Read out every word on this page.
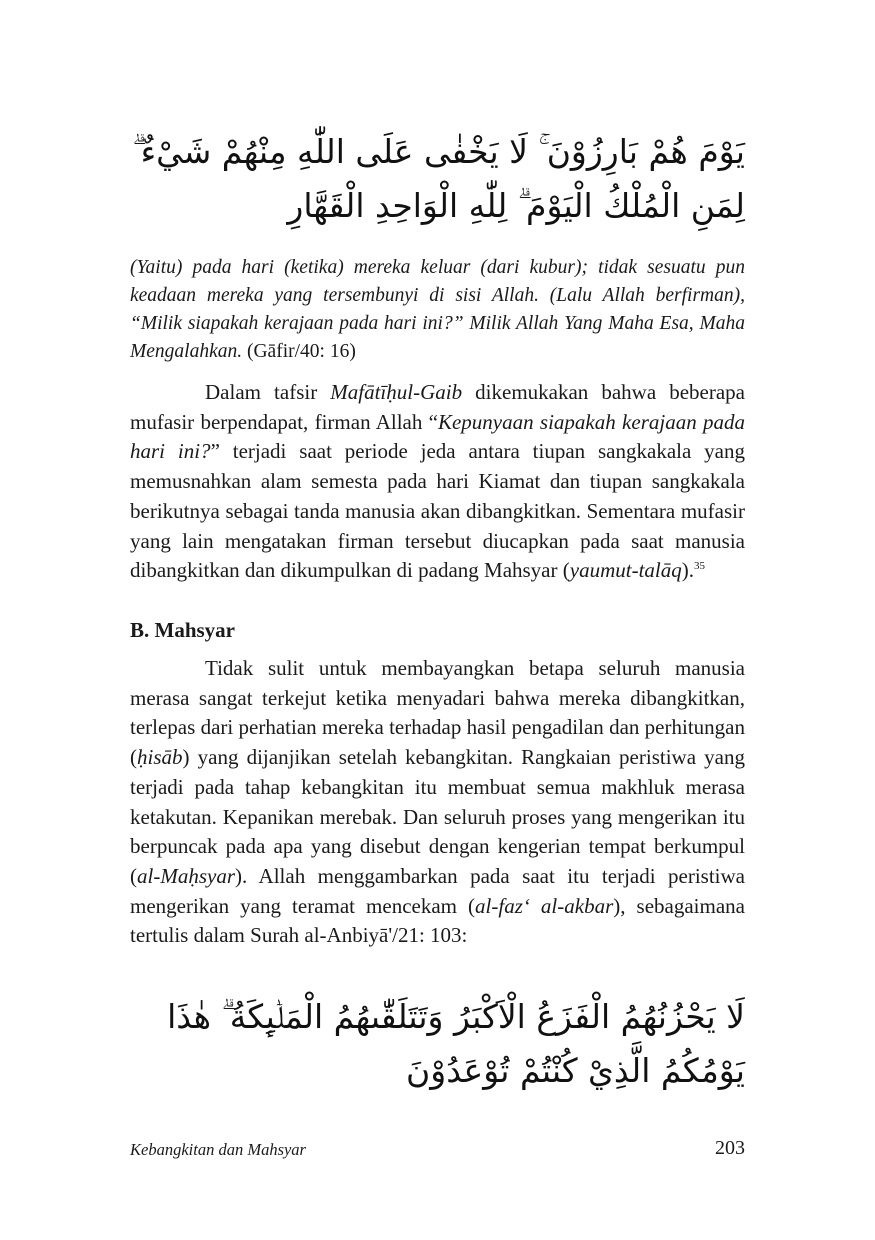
يَوْمَ هُمْ بَارِزُوْنَ ۚ لَا يَخْفٰى عَلَى اللّٰهِ مِنْهُمْ شَيْءٌ ۗ لِمَنِ الْمُلْكُ الْيَوْمَ ۗ لِلّٰهِ الْوَاحِدِ الْقَهَّارِ
(Yaitu) pada hari (ketika) mereka keluar (dari kubur); tidak sesuatu pun keadaan mereka yang tersembunyi di sisi Allah. (Lalu Allah berfirman), “Milik siapakah kerajaan pada hari ini?” Milik Allah Yang Maha Esa, Maha Mengalahkan. (Gāfir/40: 16)
Dalam tafsir Mafātīḥul-Gaib dikemukakan bahwa beberapa mufasir berpendapat, firman Allah “Kepunyaan siapakah kerajaan pada hari ini?” terjadi saat periode jeda antara tiupan sangkakala yang memusnahkan alam semesta pada hari Kiamat dan tiupan sangkakala berikutnya sebagai tanda manusia akan dibangkitkan. Sementara mufasir yang lain mengatakan firman tersebut diucapkan pada saat manusia dibangkitkan dan dikumpulkan di padang Mahsyar (yaumut-talāq).$^{35}$
B. Mahsyar
Tidak sulit untuk membayangkan betapa seluruh manusia merasa sangat terkejut ketika menyadari bahwa mereka dibangkitkan, terlepas dari perhatian mereka terhadap hasil pengadilan dan perhitungan (ḥisāb) yang dijanjikan setelah kebangkitan. Rangkaian peristiwa yang terjadi pada tahap kebangkitan itu membuat semua makhluk merasa ketakutan. Kepanikan merebak. Dan seluruh proses yang mengerikan itu berpuncak pada apa yang disebut dengan kengerian tempat berkumpul (al-Maḥsyar). Allah menggambarkan pada saat itu terjadi peristiwa mengerikan yang teramat mencekam (al-faz‘ al-akbar), sebagaimana tertulis dalam Surah al-Anbiyā'/21: 103:
لَا يَحْزُنُهُمُ الْفَزَعُ الْاَكْبَرُ وَتَتَلَقّٰىهُمُ الْمَلٰۤىِٕكَةُ ۗ هٰذَا يَوْمُكُمُ الَّذِيْ كُنْتُمْ تُوْعَدُوْنَ
Kebangkitan dan Mahsyar	203
